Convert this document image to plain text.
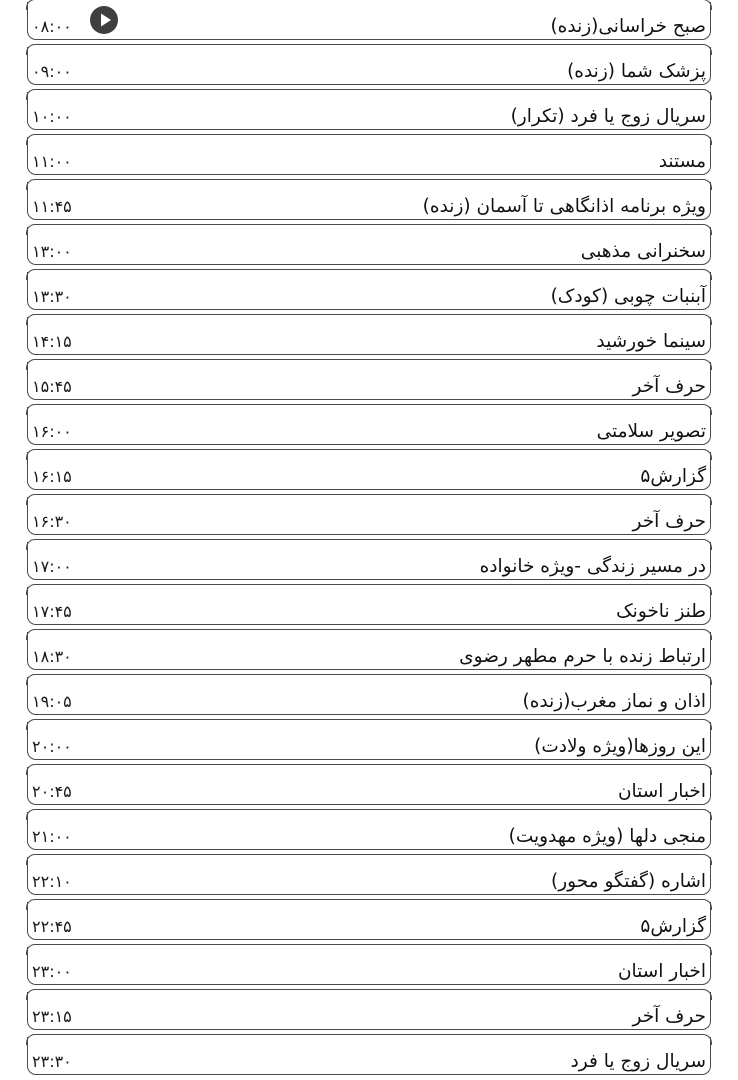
صبح خراسانی(زنده)
۰۸:۰۰
پزشک شما (زنده)
۰۹:۰۰
سریال زوج یا فرد (تکرار)
۱۰:۰۰
مستند
۱۱:۰۰
ویژه برنامه اذانگاهی تا آسمان (زنده)
۱۱:۴۵
سخنرانی مذهبی
۱۳:۰۰
آبنبات چوبی (کودک)
۱۳:۳۰
سینما خورشید
۱۴:۱۵
حرف آخر
۱۵:۴۵
تصویر سلامتی
۱۶:۰۰
گزارش۵
۱۶:۱۵
حرف آخر
۱۶:۳۰
در مسیر زندگی -ویژه خانواده
۱۷:۰۰
طنز ناخونک
۱۷:۴۵
ارتباط زنده با حرم مطهر رضوی
۱۸:۳۰
اذان و نماز مغرب(زنده)
۱۹:۰۵
این روزها(ویژه ولادت)
۲۰:۰۰
اخبار استان
۲۰:۴۵
منجی دلها (ویژه مهدویت)
۲۱:۰۰
اشاره (گفتگو محور)
۲۲:۱۰
گزارش۵
۲۲:۴۵
اخبار استان
۲۳:۰۰
حرف آخر
۲۳:۱۵
سریال زوج یا فرد
۲۳:۳۰
